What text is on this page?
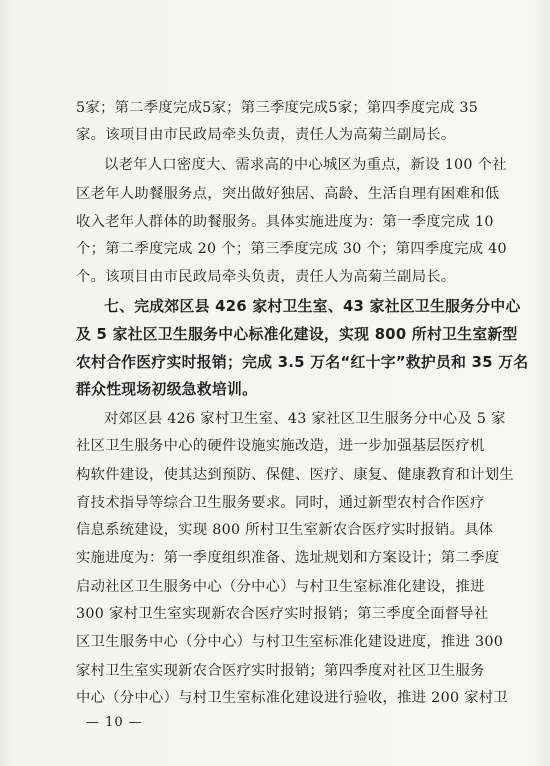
5家；第二季度完成5家；第三季度完成5家；第四季度完成 35
家。该项目由市民政局牵头负责，责任人为高菊兰副局长。
以老年人口密度大、需求高的中心城区为重点，新设 100 个社
区老年人助餐服务点，突出做好独居、高龄、生活自理有困难和低
收入老年人群体的助餐服务。具体实施进度为：第一季度完成 10
个；第二季度完成 20 个；第三季度完成 30 个；第四季度完成 40
个。该项目由市民政局牵头负责，责任人为高菊兰副局长。
七、完成郊区县 426 家村卫生室、43 家社区卫生服务分中心
及 5 家社区卫生服务中心标准化建设，实现 800 所村卫生室新型
农村合作医疗实时报销；完成 3.5 万名“红十字”救护员和 35 万名
群众性现场初级急救培训。
对郊区县 426 家村卫生室、43 家社区卫生服务分中心及 5 家
社区卫生服务中心的硬件设施实施改造，进一步加强基层医疗机
构软件建设，使其达到预防、保健、医疗、康复、健康教育和计划生
育技术指导等综合卫生服务要求。同时，通过新型农村合作医疗
信息系统建设，实现 800 所村卫生室新农合医疗实时报销。具体
实施进度为：第一季度组织准备、选址规划和方案设计；第二季度
启动社区卫生服务中心（分中心）与村卫生室标准化建设，推进
300 家村卫生室实现新农合医疗实时报销；第三季度全面督导社
区卫生服务中心（分中心）与村卫生室标准化建设进度，推进 300
家村卫生室实现新农合医疗实时报销；第四季度对社区卫生服务
中心（分中心）与村卫生室标准化建设进行验收，推进 200 家村卫
— 10 —
